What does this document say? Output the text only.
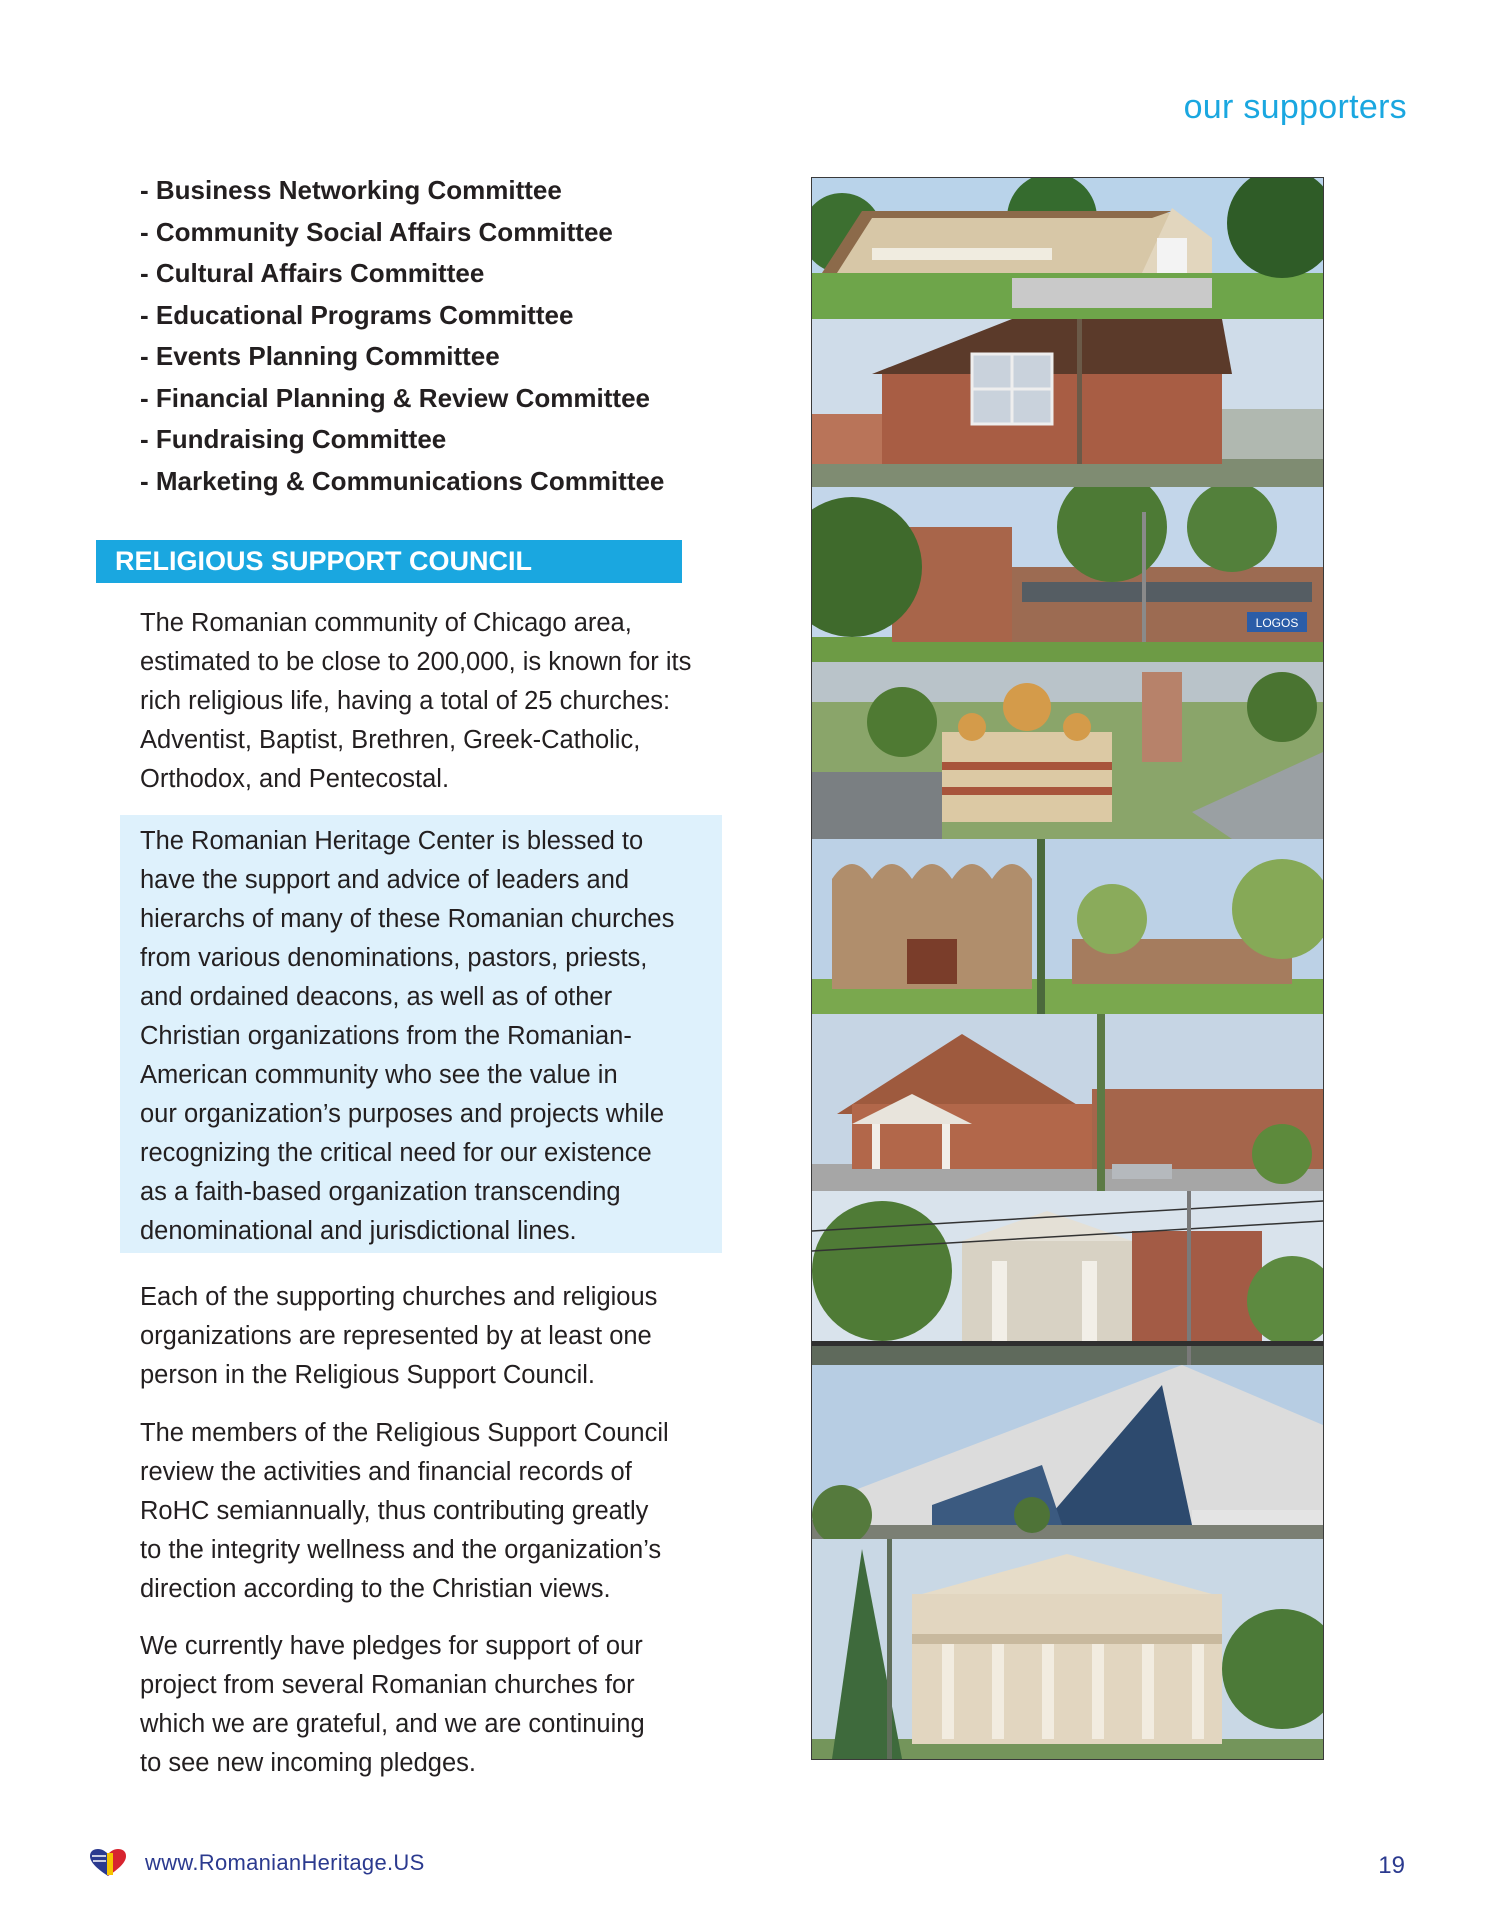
our supporters
- Business Networking Committee
- Community Social Affairs Committee
- Cultural Affairs Committee
- Educational Programs Committee
- Events Planning Committee
- Financial Planning & Review Committee
- Fundraising Committee
- Marketing & Communications Committee
RELIGIOUS SUPPORT COUNCIL

The Romanian community of Chicago area,
estimated to be close to 200,000, is known for its
rich religious life, having a total of 25 churches:
Adventist, Baptist, Brethren, Greek-Catholic,
Orthodox, and Pentecostal.

The Romanian Heritage Center is blessed to
have the support and advice of leaders and
hierarchs of many of these Romanian churches
from various denominations, pastors, priests,
and ordained deacons, as well as of other
Christian organizations from the Romanian-
American community who see the value in
our organization’s purposes and projects while
recognizing the critical need for our existence
as a faith-based organization transcending
denominational and jurisdictional lines.

Each of the supporting churches and religious
organizations are represented by at least one
person in the Religious Support Council.

The members of the Religious Support Council
review the activities and financial records of
RoHC semiannually, thus contributing greatly
to the integrity wellness and the organization’s
direction according to the Christian views.

We currently have pledges for support of our
project from several Romanian churches for
which we are grateful, and we are continuing
to see new incoming pledges.

LOGOS
www.RomanianHeritage.US	19
